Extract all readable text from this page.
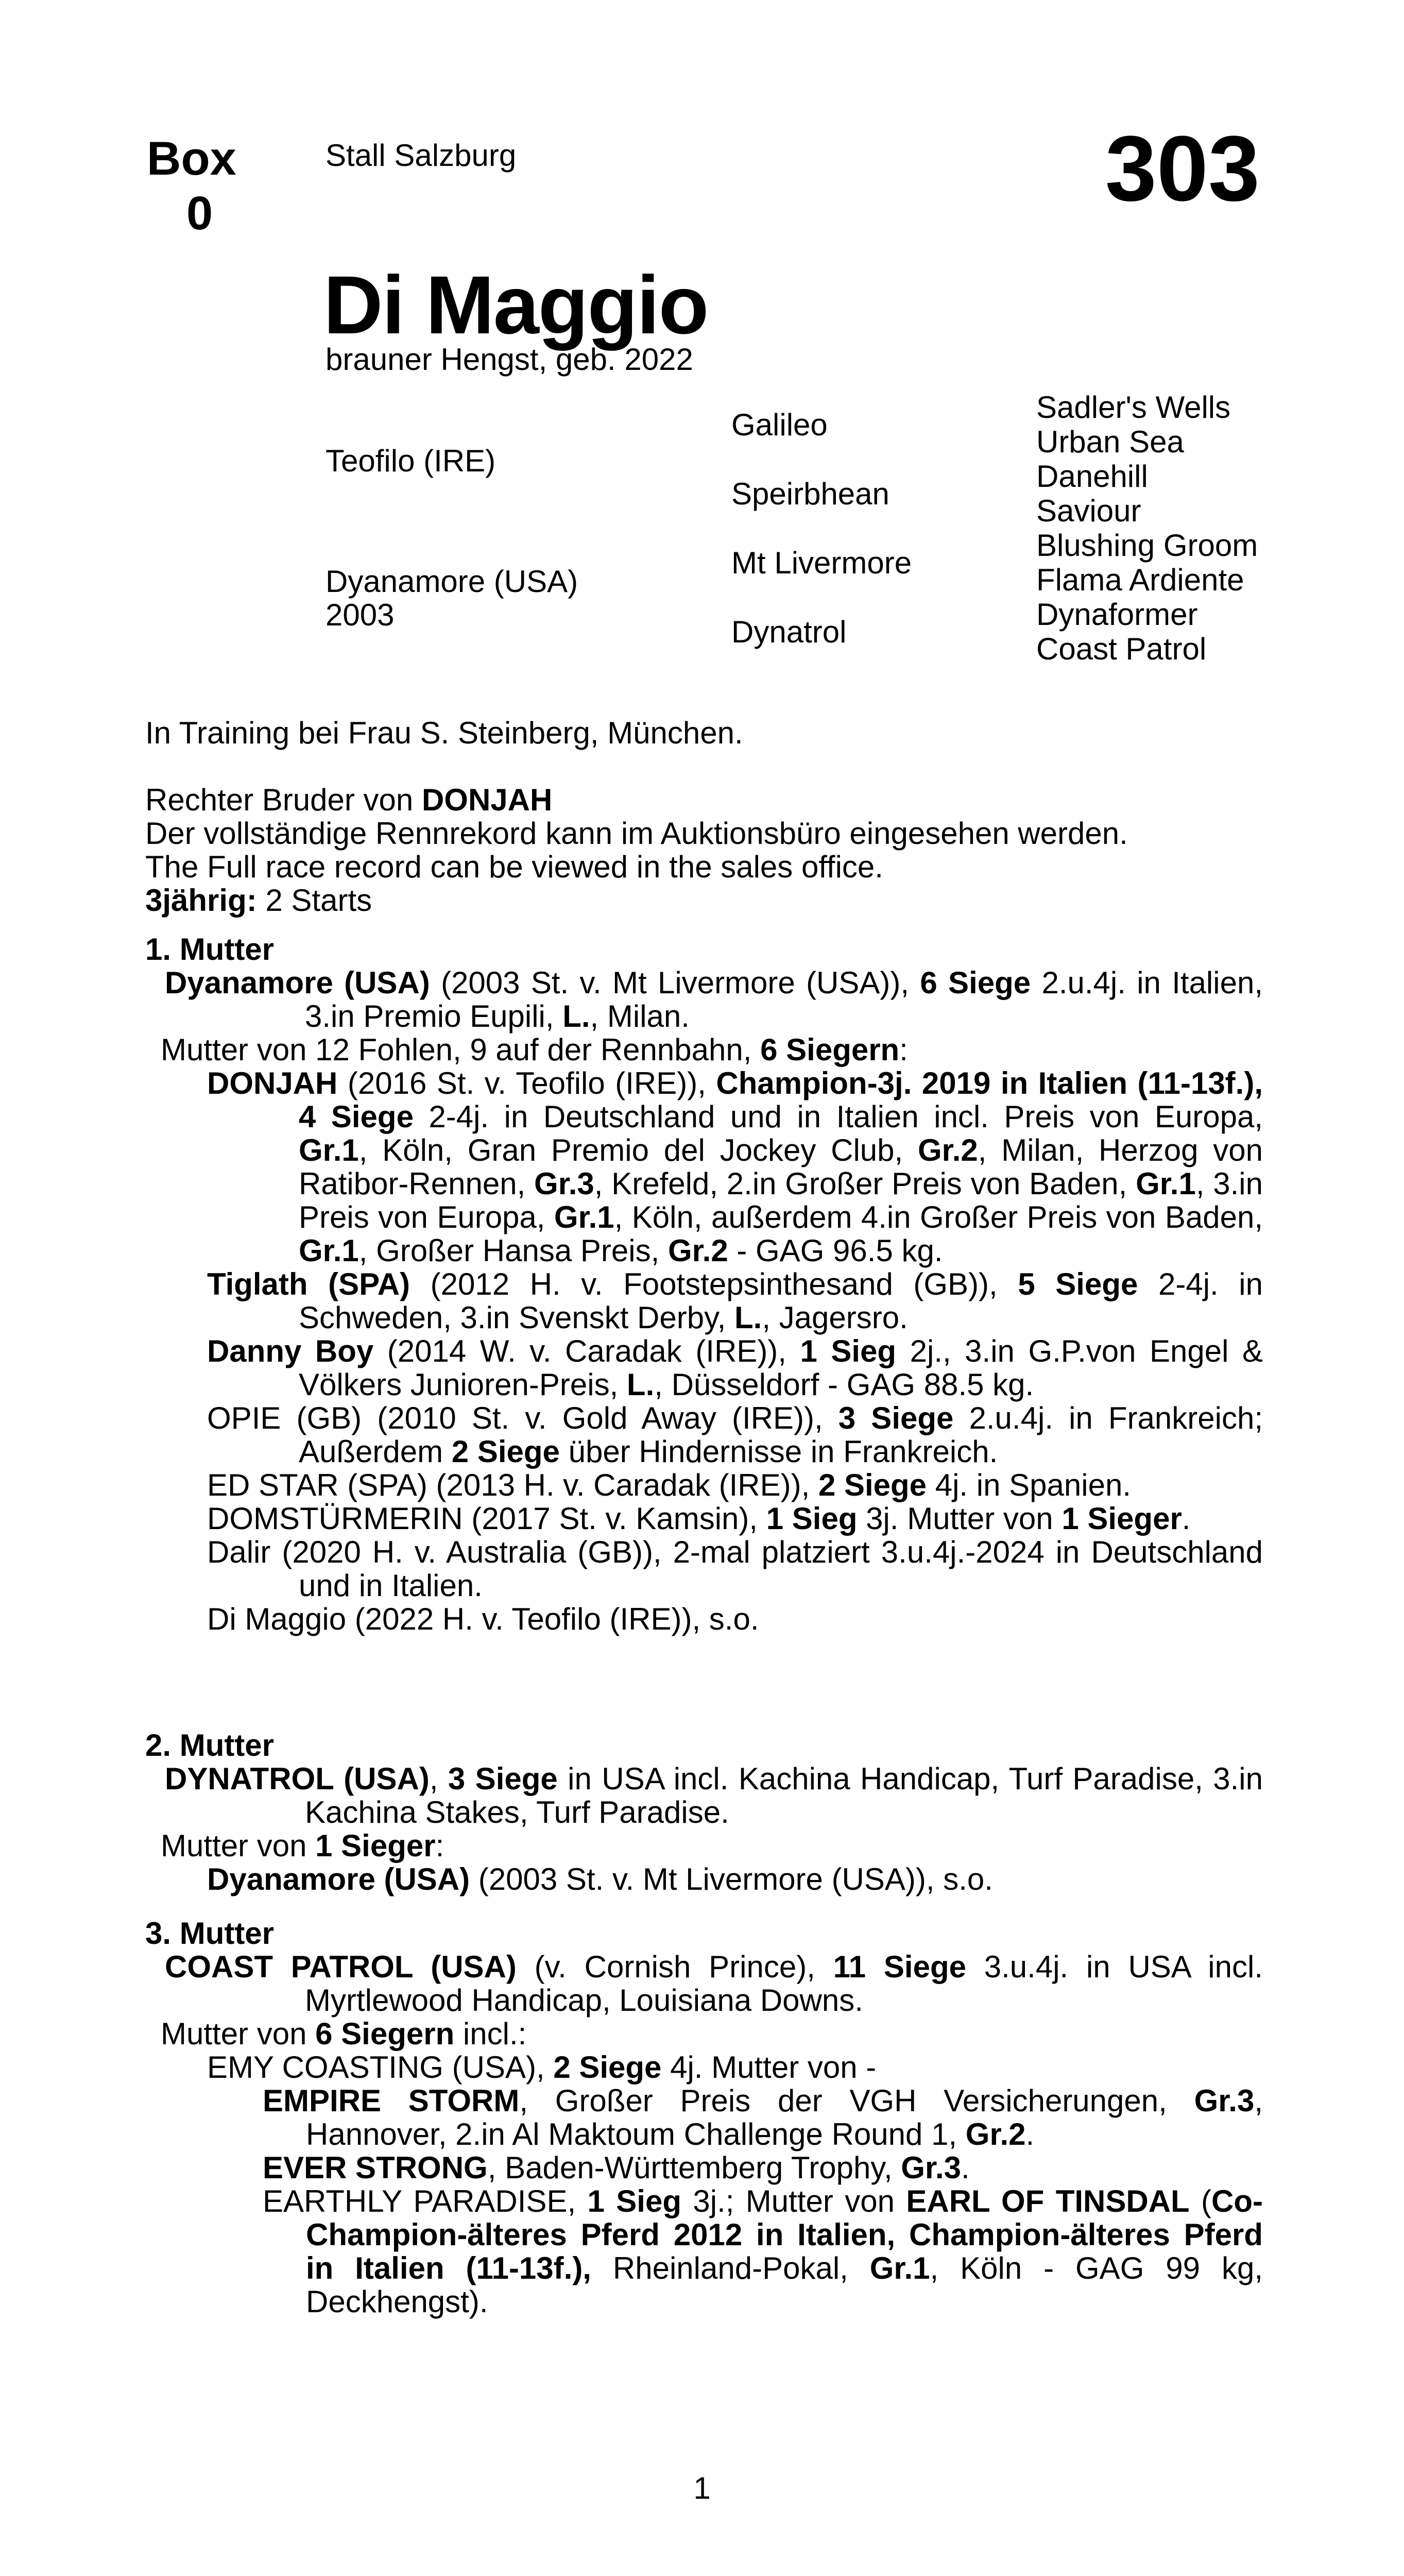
Box
0
Stall Salzburg	303
Di Maggio
brauner Hengst, geb. 2022
Teofilo (IRE)
Dyanamore (USA)
2003
Galileo
Speirbhean
Mt Livermore
Dynatrol
Sadler's Wells
Urban Sea
Danehill
Saviour
Blushing Groom
Flama Ardiente
Dynaformer
Coast Patrol

In Training bei Frau S. Steinberg, München.

Rechter Bruder von DONJAH

Der vollständige Rennrekord kann im Auktionsbüro eingesehen werden.

The Full race record can be viewed in the sales office.

3jährig: 2 Starts

1. Mutter

Dyanamore (USA) (2003 St. v. Mt Livermore (USA)), 6 Siege 2.u.4j. in Italien, 3.in Premio Eupili, L., Milan.

Mutter von 12 Fohlen, 9 auf der Rennbahn, 6 Siegern:

DONJAH (2016 St. v. Teofilo (IRE)), Champion-3j. 2019 in Italien (11-13f.), 4 Siege 2-4j. in Deutschland und in Italien incl. Preis von Europa, Gr.1, Köln, Gran Premio del Jockey Club, Gr.2, Milan, Herzog von Ratibor-Rennen, Gr.3, Krefeld, 2.in Großer Preis von Baden, Gr.1, 3.in Preis von Europa, Gr.1, Köln, außerdem 4.in Großer Preis von Baden, Gr.1, Großer Hansa Preis, Gr.2 - GAG 96.5 kg.

Tiglath (SPA) (2012 H. v. Footstepsinthesand (GB)), 5 Siege 2-4j. in Schweden, 3.in Svenskt Derby, L., Jagersro.

Danny Boy (2014 W. v. Caradak (IRE)), 1 Sieg 2j., 3.in G.P.von Engel & Völkers Junioren-Preis, L., Düsseldorf - GAG 88.5 kg.

OPIE (GB) (2010 St. v. Gold Away (IRE)), 3 Siege 2.u.4j. in Frankreich; Außerdem 2 Siege über Hindernisse in Frankreich.

ED STAR (SPA) (2013 H. v. Caradak (IRE)), 2 Siege 4j. in Spanien.

DOMSTÜRMERIN (2017 St. v. Kamsin), 1 Sieg 3j. Mutter von 1 Sieger.

Dalir (2020 H. v. Australia (GB)), 2-mal platziert 3.u.4j.-2024 in Deutschland und in Italien.

Di Maggio (2022 H. v. Teofilo (IRE)), s.o.

2. Mutter

DYNATROL (USA), 3 Siege in USA incl. Kachina Handicap, Turf Paradise, 3.in Kachina Stakes, Turf Paradise.

Mutter von 1 Sieger:

Dyanamore (USA) (2003 St. v. Mt Livermore (USA)), s.o.

3. Mutter

COAST PATROL (USA) (v. Cornish Prince), 11 Siege 3.u.4j. in USA incl. Myrtlewood Handicap, Louisiana Downs.

Mutter von 6 Siegern incl.:

EMY COASTING (USA), 2 Siege 4j. Mutter von -

EMPIRE STORM, Großer Preis der VGH Versicherungen, Gr.3, Hannover, 2.in Al Maktoum Challenge Round 1, Gr.2.

EVER STRONG, Baden-Württemberg Trophy, Gr.3.

EARTHLY PARADISE, 1 Sieg 3j.; Mutter von EARL OF TINSDAL (Co-Champion-älteres Pferd 2012 in Italien, Champion-älteres Pferd in Italien (11-13f.), Rheinland-Pokal, Gr.1, Köln - GAG 99 kg, Deckhengst).

1
